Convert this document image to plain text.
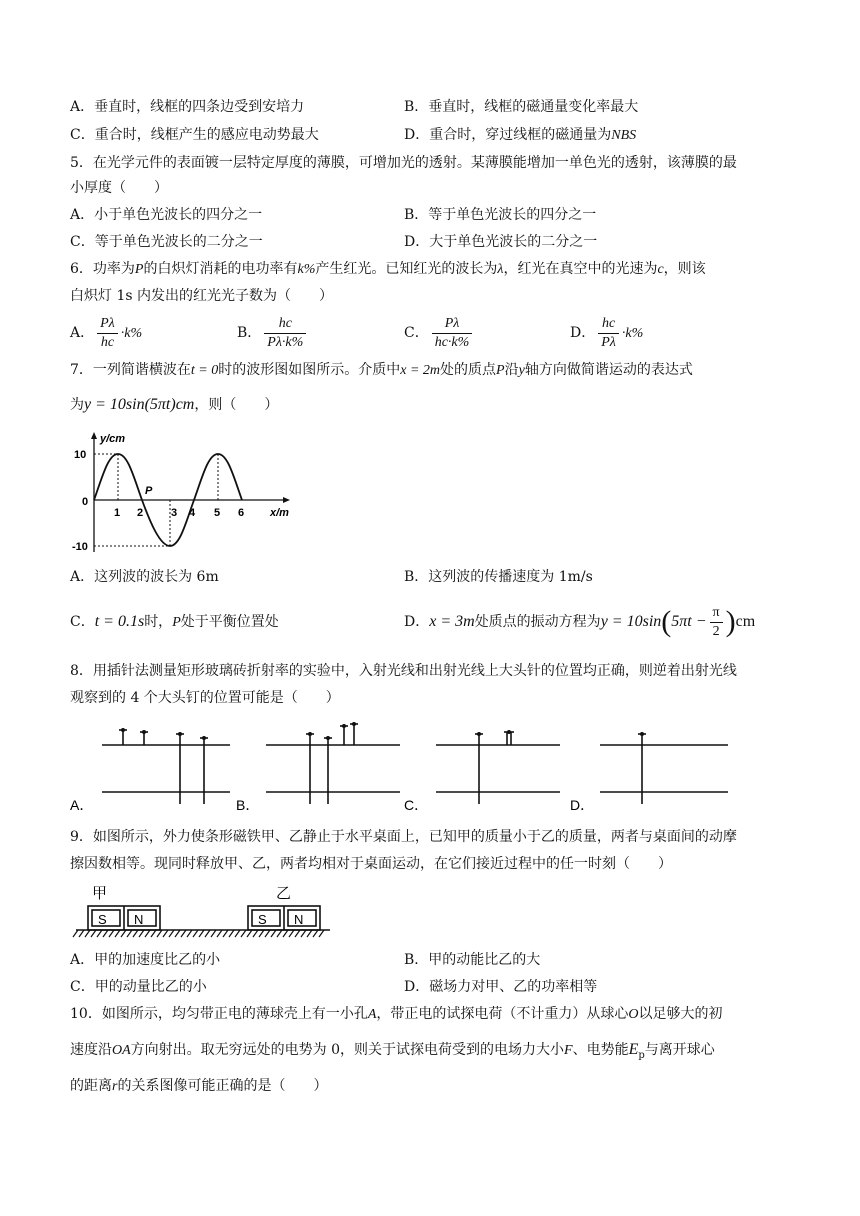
A．垂直时，线框的四条边受到安培力	B．垂直时，线框的磁通量变化率最大
C．重合时，线框产生的感应电动势最大	D．重合时，穿过线框的磁通量为NBS
5．在光学元件的表面镀一层特定厚度的薄膜，可增加光的透射。某薄膜能增加一单色光的透射，该薄膜的最
小厚度（　　）
A．小于单色光波长的四分之一	B．等于单色光波长的四分之一
C．等于单色光波长的二分之一	D．大于单色光波长的二分之一
6．功率为P的白炽灯消耗的电功率有k%产生红光。已知红光的波长为λ，红光在真空中的光速为c，则该
白炽灯 1s 内发出的红光光子数为（　　）
A． $\frac{P\lambda}{hc} \cdot k\%$	B． $\frac{hc}{P\lambda\cdot k\%}$	C． $\frac{P\lambda}{hc\cdot k\%}$	D． $\frac{hc}{P\lambda} \cdot k\%$
7．一列简谐横波在t = 0时的波形图如图所示。介质中x = 2m处的质点P沿y轴方向做简谐运动的表达式
为y = 10sin(5πt)cm，则（　　）
y/cm
x/m
10
0
-10
1 2	3 4 5 6
P
A．这列波的波长为 6m	B．这列波的传播速度为 1m/s
C．t = 0.1s时，P处于平衡位置处	D．x = 3m处质点的振动方程为$y = 10\sin(5\pi t - \frac{\pi}{2} )cm$
8．用插针法测量矩形玻璃砖折射率的实验中，入射光线和出射光线上大头针的位置均正确，则逆着出射光线
观察到的 4 个大头钉的位置可能是（　　）
A．	B．	C．	D．
9．如图所示，外力使条形磁铁甲、乙静止于水平桌面上，已知甲的质量小于乙的质量，两者与桌面间的动摩
擦因数相等。现同时释放甲、乙，两者均相对于桌面运动，在它们接近过程中的任一时刻（　　）
甲	乙
S N	S N
A．甲的加速度比乙的小	B．甲的动能比乙的大
C．甲的动量比乙的小	D．磁场力对甲、乙的功率相等
10．如图所示，均匀带正电的薄球壳上有一小孔A，带正电的试探电荷（不计重力）从球心O以足够大的初
速度沿OA方向射出。取无穷远处的电势为 0，则关于试探电荷受到的电场力大小F、电势能$E_p$与离开球心
的距离r的关系图像可能正确的是（　　）
